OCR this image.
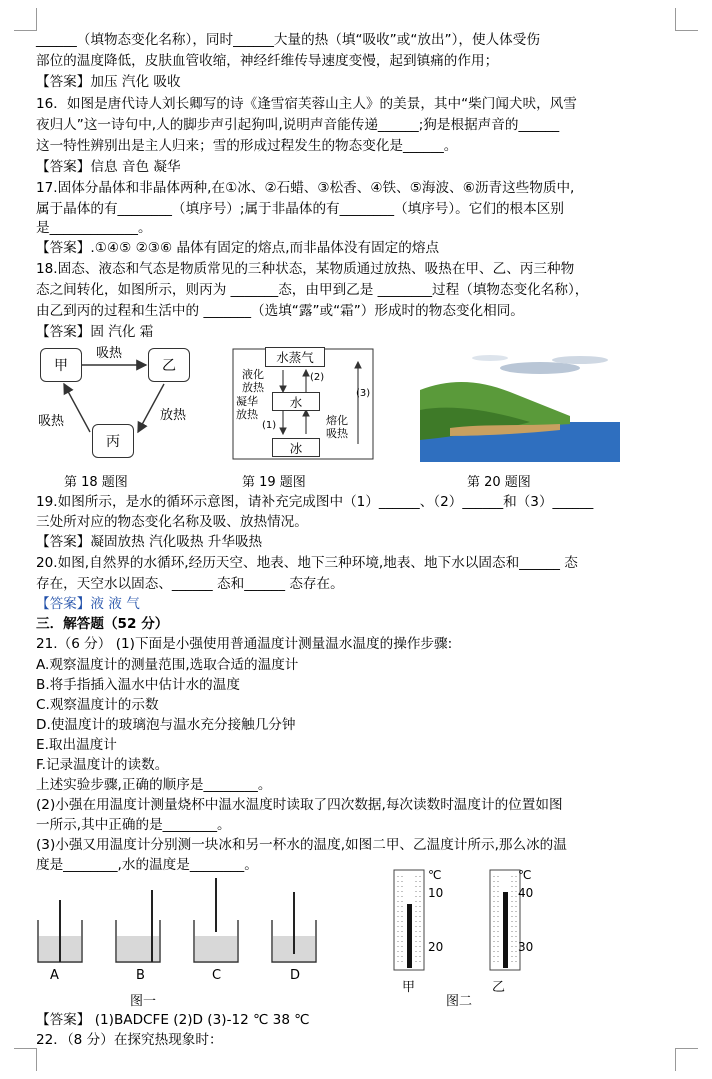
______（填物态变化名称），同时______大量的热（填“吸收”或“放出”），使人体受伤
部位的温度降低，皮肤血管收缩，神经纤维传导速度变慢，起到镇痛的作用；
【答案】加压 汽化 吸收
16．如图是唐代诗人刘长卿写的诗《逢雪宿芙蓉山主人》的美景，其中“柴门闻犬吠，风雪
夜归人”这一诗句中,人的脚步声引起狗叫,说明声音能传递______;狗是根据声音的______
这一特性辨别出是主人归来；雪的形成过程发生的物态变化是______。
【答案】信息 音色 凝华
17.固体分晶体和非晶体两种,在①冰、②石蜡、③松香、④铁、⑤海波、⑥沥青这些物质中,
属于晶体的有________（填序号）;属于非晶体的有________（填序号）。它们的根本区别
是_____________。
【答案】.①④⑤ ②③⑥ 晶体有固定的熔点,而非晶体没有固定的熔点
18.固态、液态和气态是物质常见的三种状态，某物质通过放热、吸热在甲、乙、丙三种物
态之间转化，如图所示，则丙为 _______态，由甲到乙是 ________过程（填物态变化名称），
由乙到丙的过程和生活中的 _______（选填“露”或“霜”）形成时的物态变化相同。
【答案】固 汽化 霜
甲	乙
丙
吸热
放热
吸热
第 18 题图
水蒸气
水
冰
液化
放热
凝华
放热
(2)
(1)
(3)
熔化
吸热
第 19 题图	第 20 题图
19.如图所示，是水的循环示意图，请补充完成图中（1）______、（2）______和（3）______
三处所对应的物态变化名称及吸、放热情况。
【答案】凝固放热 汽化吸热 升华吸热
20.如图,自然界的水循环,经历天空、地表、地下三种环境,地表、地下水以固态和______ 态
存在，天空水以固态、______ 态和______ 态存在。
【答案】液 液 气
三．解答题（52 分）
21.（6 分） (1)下面是小强使用普通温度计测量温水温度的操作步骤:
A.观察温度计的测量范围,选取合适的温度计
B.将手指插入温水中估计水的温度
C.观察温度计的示数
D.使温度计的玻璃泡与温水充分接触几分钟
E.取出温度计
F.记录温度计的读数。
上述实验步骤,正确的顺序是________。
(2)小强在用温度计测量烧杯中温水温度时读取了四次数据,每次读数时温度计的位置如图
一所示,其中正确的是________。
(3)小强又用温度计分别测一块冰和另一杯水的温度,如图二甲、乙温度计所示,那么冰的温
度是________,水的温度是________。
A	B	C	D
图一
℃
10
20
℃
40
30
甲	乙
图二
【答案】 (1)BADCFE (2)D (3)-12 ℃ 38 ℃
22．（8 分）在探究热现象时：
